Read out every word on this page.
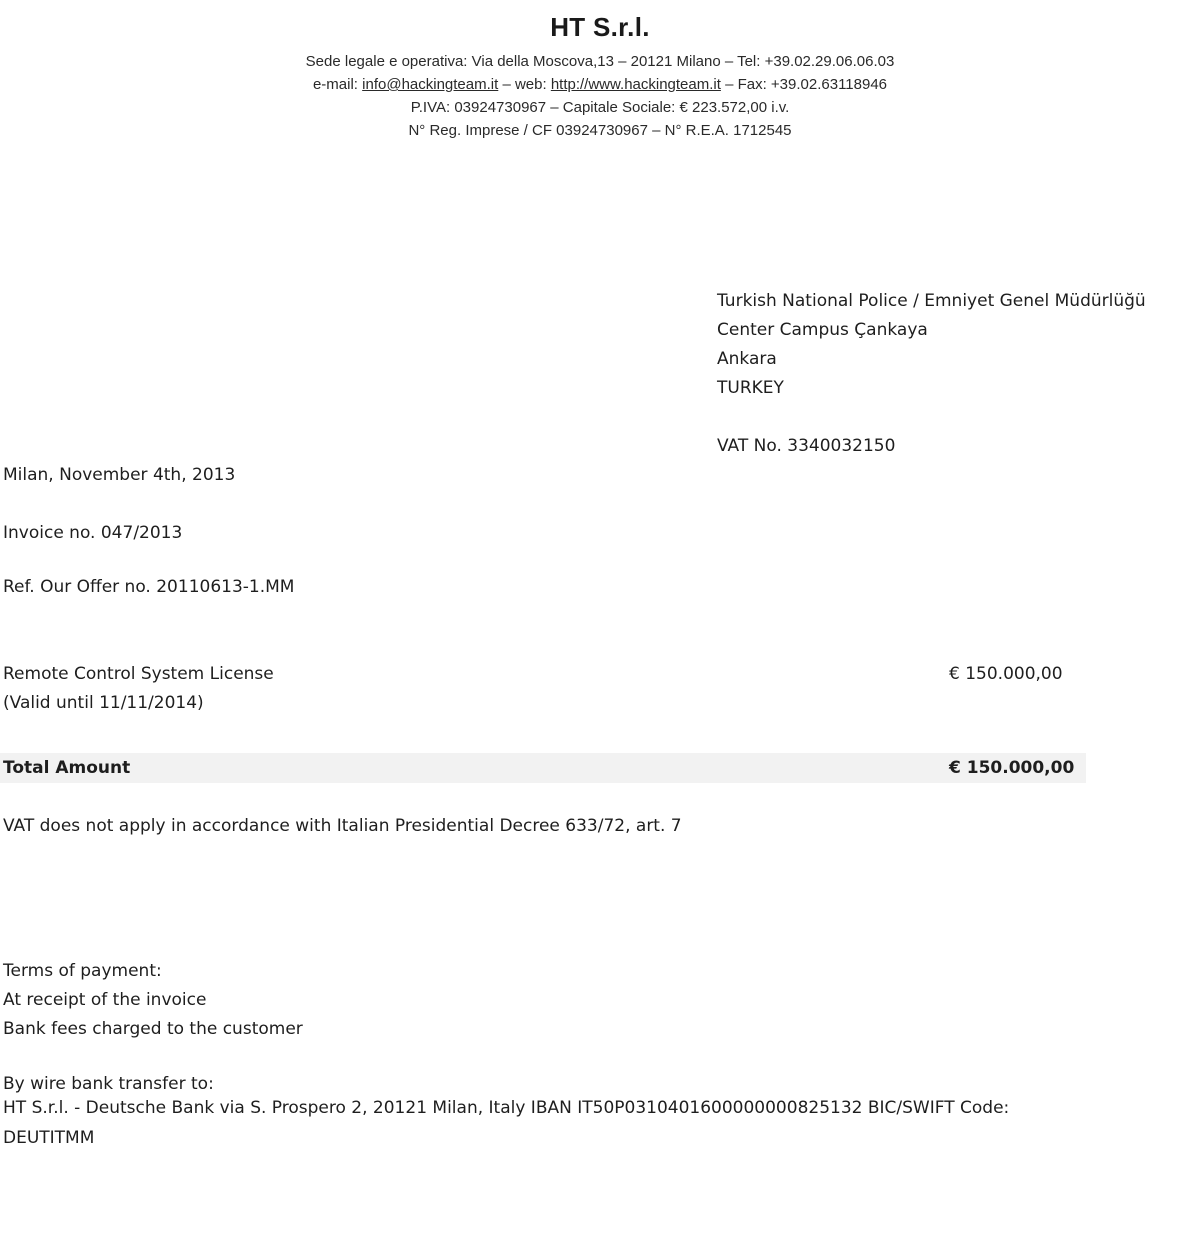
HT S.r.l.
Sede legale e operativa: Via della Moscova,13 – 20121 Milano – Tel: +39.02.29.06.06.03
e-mail: info@hackingteam.it – web: http://www.hackingteam.it – Fax: +39.02.63118946
P.IVA: 03924730967 – Capitale Sociale: € 223.572,00 i.v.
N° Reg. Imprese / CF 03924730967 – N° R.E.A. 1712545
Turkish National Police / Emniyet Genel Müdürlüğü
Center Campus Çankaya
Ankara
TURKEY
VAT No. 3340032150
Milan, November 4th, 2013
Invoice no. 047/2013
Ref. Our Offer no. 20110613-1.MM
Remote Control System License
(Valid until 11/11/2014)
€ 150.000,00
Total Amount	€ 150.000,00
VAT does not apply in accordance with Italian Presidential Decree 633/72, art. 7
Terms of payment:
At receipt of the invoice
Bank fees charged to the customer
By wire bank transfer to:
HT S.r.l. - Deutsche Bank via S. Prospero 2, 20121 Milan, Italy IBAN IT50P0310401600000000825132 BIC/SWIFT Code:
DEUTITMM
